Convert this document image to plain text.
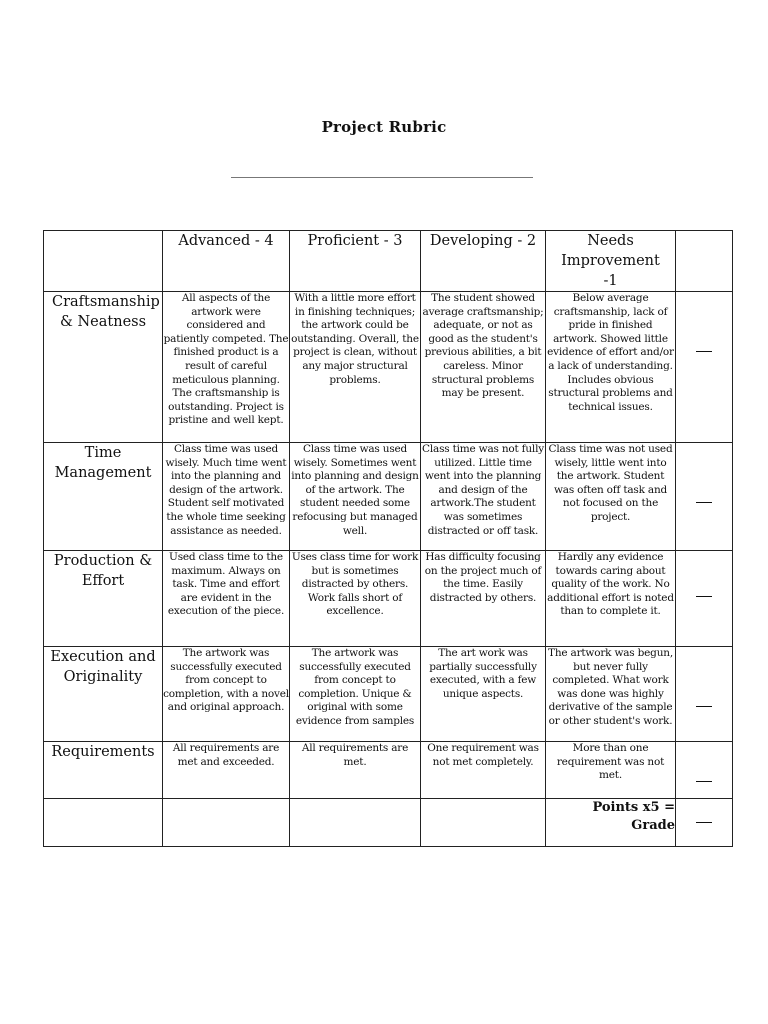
Project Rubric
	Advanced - 4	Proficient - 3	Developing - 2	Needs Improvement -1	
Craftsmanship & Neatness	All aspects of the artwork were considered and patiently competed. The finished product is a result of careful meticulous planning. The craftsmanship is outstanding. Project is pristine and well kept.	With a little more effort in finishing techniques; the artwork could be outstanding. Overall, the project is clean, without any major structural problems.	The student showed average craftsmanship; adequate, or not as good as the student's previous abilities, a bit careless. Minor structural problems may be present.	Below average craftsmanship, lack of pride in finished artwork. Showed little evidence of effort and/or a lack of understanding. Includes obvious structural problems and technical issues.	
Time Management	Class time was used wisely. Much time went into the planning and design of the artwork. Student self motivated the whole time seeking assistance as needed.	Class time was used wisely. Sometimes went into planning and design of the artwork. The student needed some refocusing but managed well.	Class time was not fully utilized. Little time went into the planning and design of the artwork.The student was sometimes distracted or off task.	Class time was not used wisely, little went into the artwork. Student was often off task and not focused on the project.	
Production & Effort	Used class time to the maximum. Always on task. Time and effort are evident in the execution of the piece.	Uses class time for work but is sometimes distracted by others. Work falls short of excellence.	Has difficulty focusing on the project much of the time. Easily distracted by others.	Hardly any evidence towards caring about quality of the work. No additional effort is noted than to complete it.	
Execution and Originality	The artwork was successfully executed from concept to completion, with a novel and original approach.	The artwork was successfully executed from concept to completion. Unique & original with some evidence from samples	The art work was partially successfully executed, with a few unique aspects.	The artwork was begun, but never fully completed. What work was done was highly derivative of the sample or other student's work.	
Requirements	All requirements are met and exceeded.	All requirements are met.	One requirement was not met completely.	More than one requirement was not met.	
				Points x5 = Grade	
